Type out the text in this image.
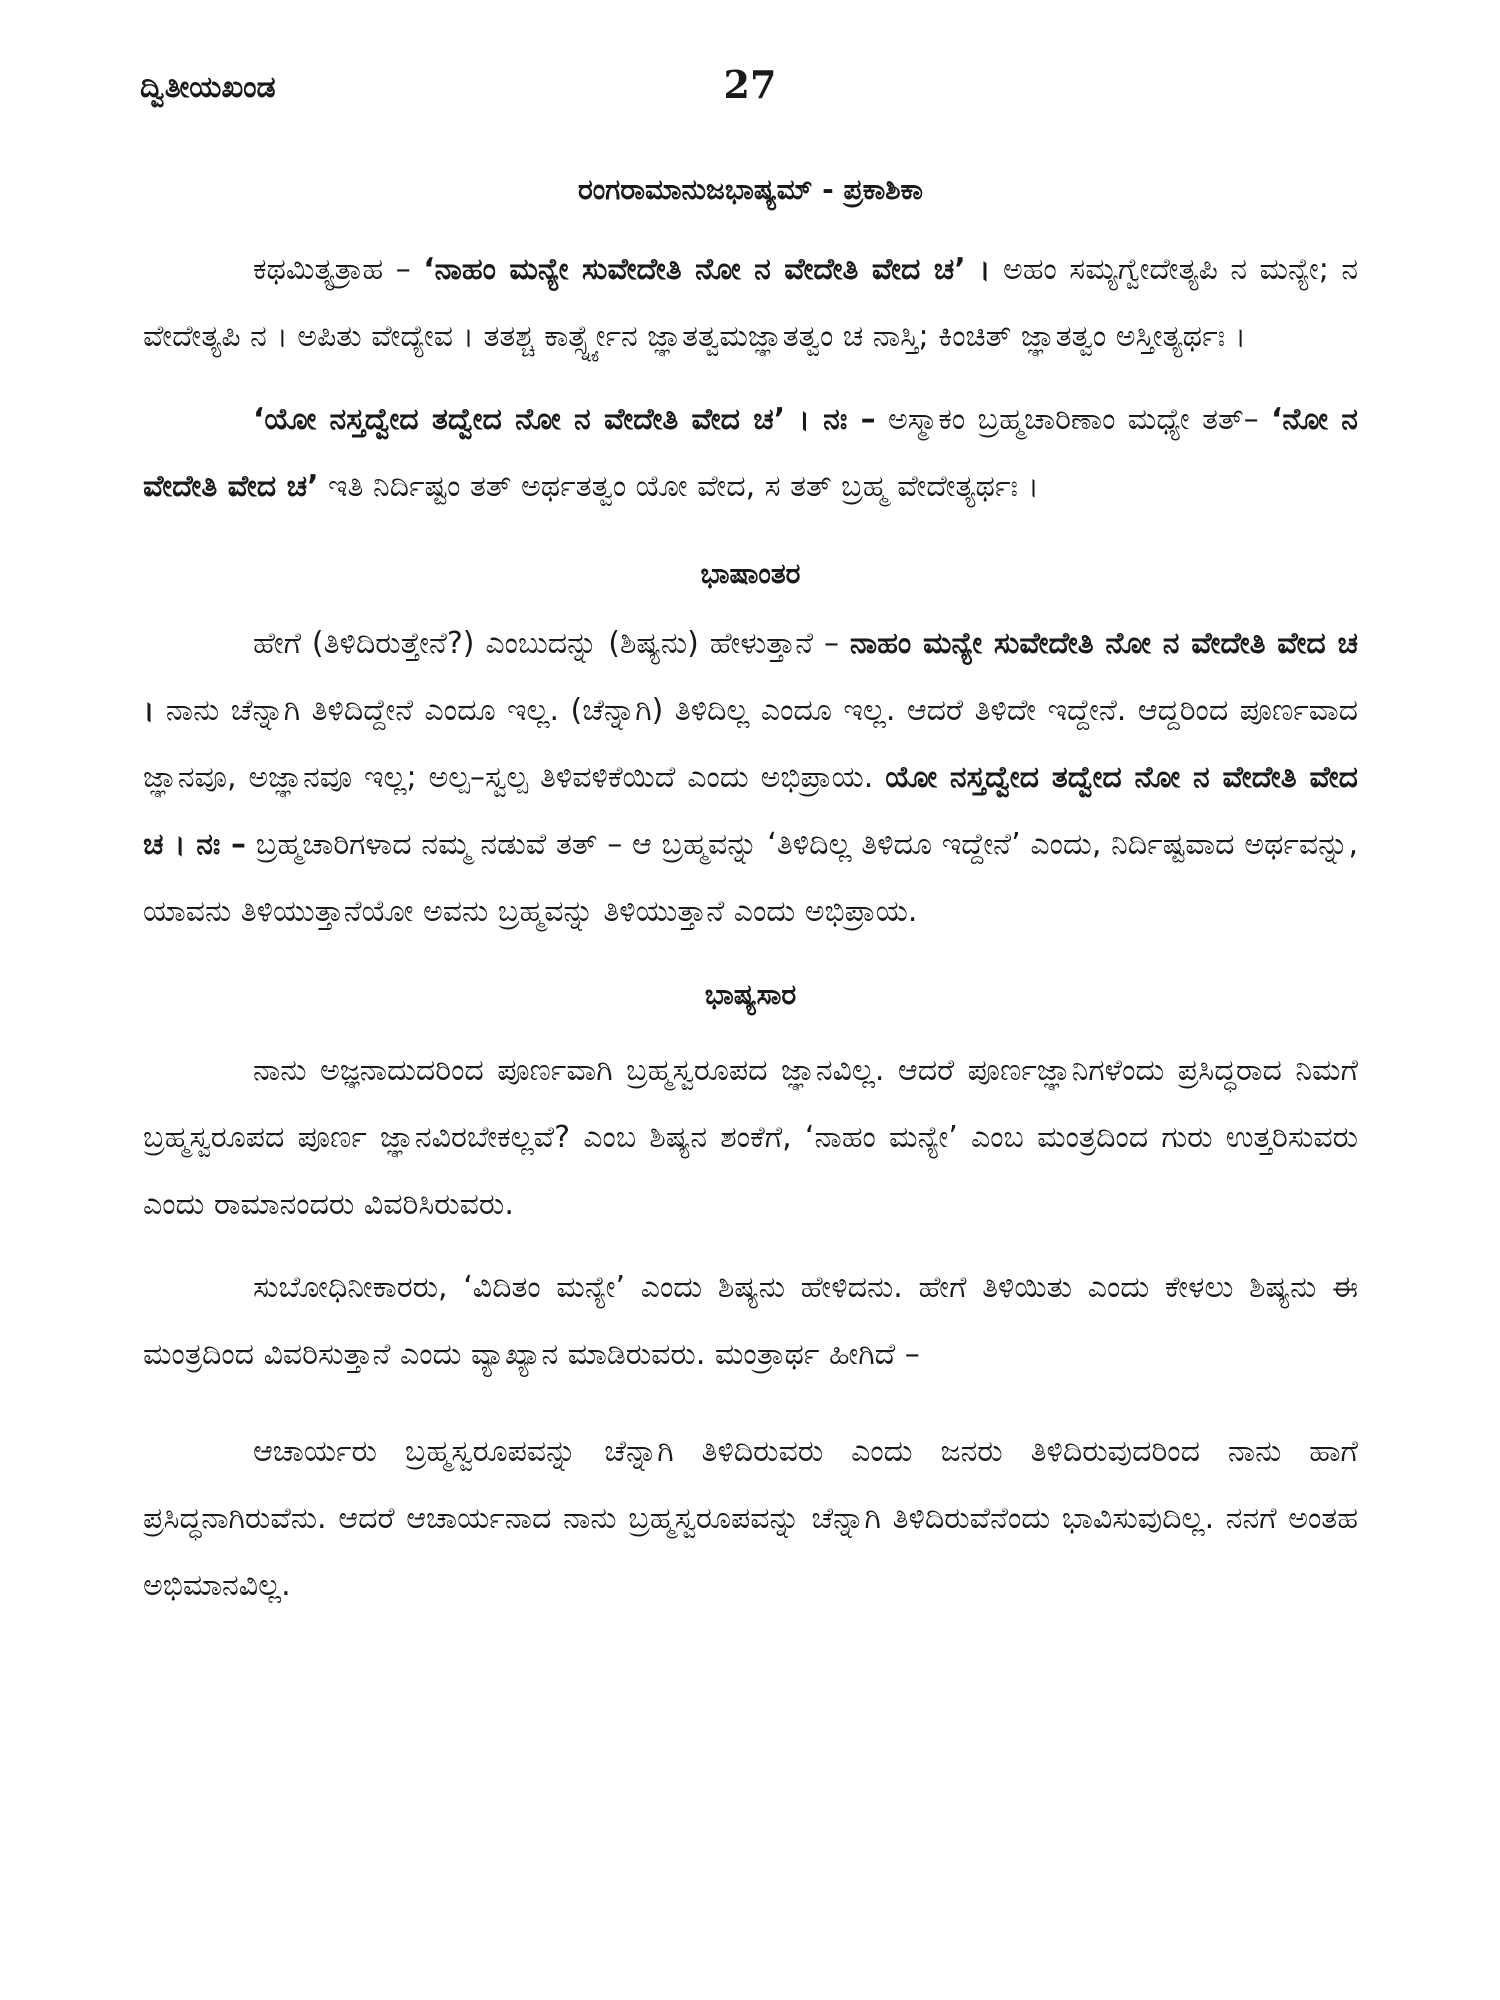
ದ್ವಿತೀಯಖಂಡ	27
ರಂಗರಾಮಾನುಜಭಾಷ್ಯಮ್ - ಪ್ರಕಾಶಿಕಾ

ಕಥಮಿತ್ಯತ್ರಾಹ – ‘ನಾಹಂ ಮನ್ಯೇ ಸುವೇದೇತಿ ನೋ ನ ವೇದೇತಿ ವೇದ ಚ’ । ಅಹಂ ಸಮ್ಯಗ್ವೇದೇತ್ಯಪಿ ನ ಮನ್ಯೇ; ನ ವೇದೇತ್ಯಪಿ ನ । ಅಪಿತು ವೇದ್ಯೇವ । ತತಶ್ಚ ಕಾರ್ತ್ಸ್ನ್ಯೇನ ಜ್ಞಾತತ್ವಮಜ್ಞಾತತ್ವಂ ಚ ನಾಸ್ತಿ; ಕಿಂಚಿತ್ ಜ್ಞಾತತ್ವಂ ಅಸ್ತೀತ್ಯರ್ಥಃ ।

‘ಯೋ ನಸ್ತದ್ವೇದ ತದ್ವೇದ ನೋ ನ ವೇದೇತಿ ವೇದ ಚ’ । ನಃ – ಅಸ್ಮಾಕಂ ಬ್ರಹ್ಮಚಾರಿಣಾಂ ಮಧ್ಯೇ ತತ್– ‘ನೋ ನ ವೇದೇತಿ ವೇದ ಚ’ ಇತಿ ನಿರ್ದಿಷ್ಟಂ ತತ್ ಅರ್ಥತತ್ವಂ ಯೋ ವೇದ, ಸ ತತ್ ಬ್ರಹ್ಮ ವೇದೇತ್ಯರ್ಥಃ ।

ಭಾಷಾಂತರ

ಹೇಗೆ (ತಿಳಿದಿರುತ್ತೇನೆ?) ಎಂಬುದನ್ನು (ಶಿಷ್ಯನು) ಹೇಳುತ್ತಾನೆ – ನಾಹಂ ಮನ್ಯೇ ಸುವೇದೇತಿ ನೋ ನ ವೇದೇತಿ ವೇದ ಚ । ನಾನು ಚೆನ್ನಾಗಿ ತಿಳಿದಿದ್ದೇನೆ ಎಂದೂ ಇಲ್ಲ. (ಚೆನ್ನಾಗಿ) ತಿಳಿದಿಲ್ಲ ಎಂದೂ ಇಲ್ಲ. ಆದರೆ ತಿಳಿದೇ ಇದ್ದೇನೆ. ಆದ್ದರಿಂದ ಪೂರ್ಣವಾದ ಜ್ಞಾನವೂ, ಅಜ್ಞಾನವೂ ಇಲ್ಲ; ಅಲ್ಪ–ಸ್ವಲ್ಪ ತಿಳಿವಳಿಕೆಯಿದೆ ಎಂದು ಅಭಿಪ್ರಾಯ. ಯೋ ನಸ್ತದ್ವೇದ ತದ್ವೇದ ನೋ ನ ವೇದೇತಿ ವೇದ ಚ । ನಃ – ಬ್ರಹ್ಮಚಾರಿಗಳಾದ ನಮ್ಮ ನಡುವೆ ತತ್ – ಆ ಬ್ರಹ್ಮವನ್ನು ‘ತಿಳಿದಿಲ್ಲ ತಿಳಿದೂ ಇದ್ದೇನೆ’ ಎಂದು, ನಿರ್ದಿಷ್ಟವಾದ ಅರ್ಥವನ್ನು, ಯಾವನು ತಿಳಿಯುತ್ತಾನೆಯೋ ಅವನು ಬ್ರಹ್ಮವನ್ನು ತಿಳಿಯುತ್ತಾನೆ ಎಂದು ಅಭಿಪ್ರಾಯ.

ಭಾಷ್ಯಸಾರ

ನಾನು ಅಜ್ಞನಾದುದರಿಂದ ಪೂರ್ಣವಾಗಿ ಬ್ರಹ್ಮಸ್ವರೂಪದ ಜ್ಞಾನವಿಲ್ಲ. ಆದರೆ ಪೂರ್ಣಜ್ಞಾನಿಗಳೆಂದು ಪ್ರಸಿದ್ಧರಾದ ನಿಮಗೆ ಬ್ರಹ್ಮಸ್ವರೂಪದ ಪೂರ್ಣ ಜ್ಞಾನವಿರಬೇಕಲ್ಲವೆ? ಎಂಬ ಶಿಷ್ಯನ ಶಂಕೆಗೆ, ‘ನಾಹಂ ಮನ್ಯೇ’ ಎಂಬ ಮಂತ್ರದಿಂದ ಗುರು ಉತ್ತರಿಸುವರು ಎಂದು ರಾಮಾನಂದರು ವಿವರಿಸಿರುವರು.

ಸುಬೋಧಿನೀಕಾರರು, ‘ವಿದಿತಂ ಮನ್ಯೇ’ ಎಂದು ಶಿಷ್ಯನು ಹೇಳಿದನು. ಹೇಗೆ ತಿಳಿಯಿತು ಎಂದು ಕೇಳಲು ಶಿಷ್ಯನು ಈ ಮಂತ್ರದಿಂದ ವಿವರಿಸುತ್ತಾನೆ ಎಂದು ವ್ಯಾಖ್ಯಾನ ಮಾಡಿರುವರು. ಮಂತ್ರಾರ್ಥ ಹೀಗಿದೆ –

ಆಚಾರ್ಯರು ಬ್ರಹ್ಮಸ್ವರೂಪವನ್ನು ಚೆನ್ನಾಗಿ ತಿಳಿದಿರುವರು ಎಂದು ಜನರು ತಿಳಿದಿರುವುದರಿಂದ ನಾನು ಹಾಗೆ ಪ್ರಸಿದ್ಧನಾಗಿರುವೆನು. ಆದರೆ ಆಚಾರ್ಯನಾದ ನಾನು ಬ್ರಹ್ಮಸ್ವರೂಪವನ್ನು ಚೆನ್ನಾಗಿ ತಿಳಿದಿರುವೆನೆಂದು ಭಾವಿಸುವುದಿಲ್ಲ. ನನಗೆ ಅಂತಹ ಅಭಿಮಾನವಿಲ್ಲ.
